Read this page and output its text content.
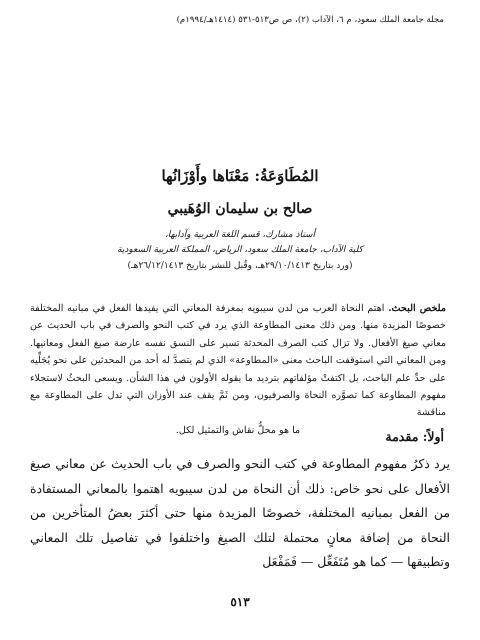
مجلة جامعة الملك سعود، م ٦، الآداب (٢)، ص ص٥١٣-٥٣١ (١٤١٤هـ/١٩٩٤م)
المُطَاوَعَةُ: مَعْنَاها وأَوْزَانُها
صالح بن سليمان الوُهَيبي

أستاذ مشارك، قسم اللغة العربية وآدابها،

كلية الآداب، جامعة الملك سعود، الرياض، المملكة العربية السعودية

(ورد بتاريخ ٢٩/١٠/١٤١٣هـ، وقُبل للنشر بتاريخ ٢٦/١٢/١٤١٣هـ)

ملخص البحث. اهتم النحاة العرب من لدن سيبويه بمعرفة المعاني التي يفيدها الفعل في مبانيه المختلفة خصوصًا المزيدة منها. ومن ذلك معنى المطاوعة الذي يرد في كتب النحو والصرف في باب الحديث عن معاني صيغ الأفعال. ولا تزال كتب الصرف المحدثة تسير على النسق نفسه عارضة صيغ الفعل ومعانيها. ومن المعاني التي استوقفت الباحث معنى «المطاوعة» الذي لم يتصدَّ له أحد من المحدثين على نحو يُجَلِّيه على حدِّ علم الباحث، بل اكتفتْ مؤلفاتهم بترديد ما يقوله الأولون في هذا الشأن. ويسعى البحثُ لاستجلاء مفهوم المطاوعة كما تصوَّره النحاة والصرفيون، ومن ثَمَّ يقف عند الأوزان التي تدل على المطاوعة مع مناقشة
ما هو محلُّ نقاش والتمثيل لكل.	أولاً: مقدمة

يرد ذكرُ مفهوم المطاوعة في كتب النحو والصرف في باب الحديث عن معاني صيغ الأفعال على نحو خاص: ذلك أن النحاة من لدن سيبويه اهتموا بالمعاني المستفادة من الفعل بمبانيه المختلفة، خصوصًا المزيدة منها حتى أكثرَ بعضُ المتأخرين من النحاة من إضافة معانٍ محتملة لتلك الصيغ واختلفوا في تفاصيل تلك المعاني وتطبيقها — كما هو مُتَفَعِّل — فَمَفْعَل

٥١٣
